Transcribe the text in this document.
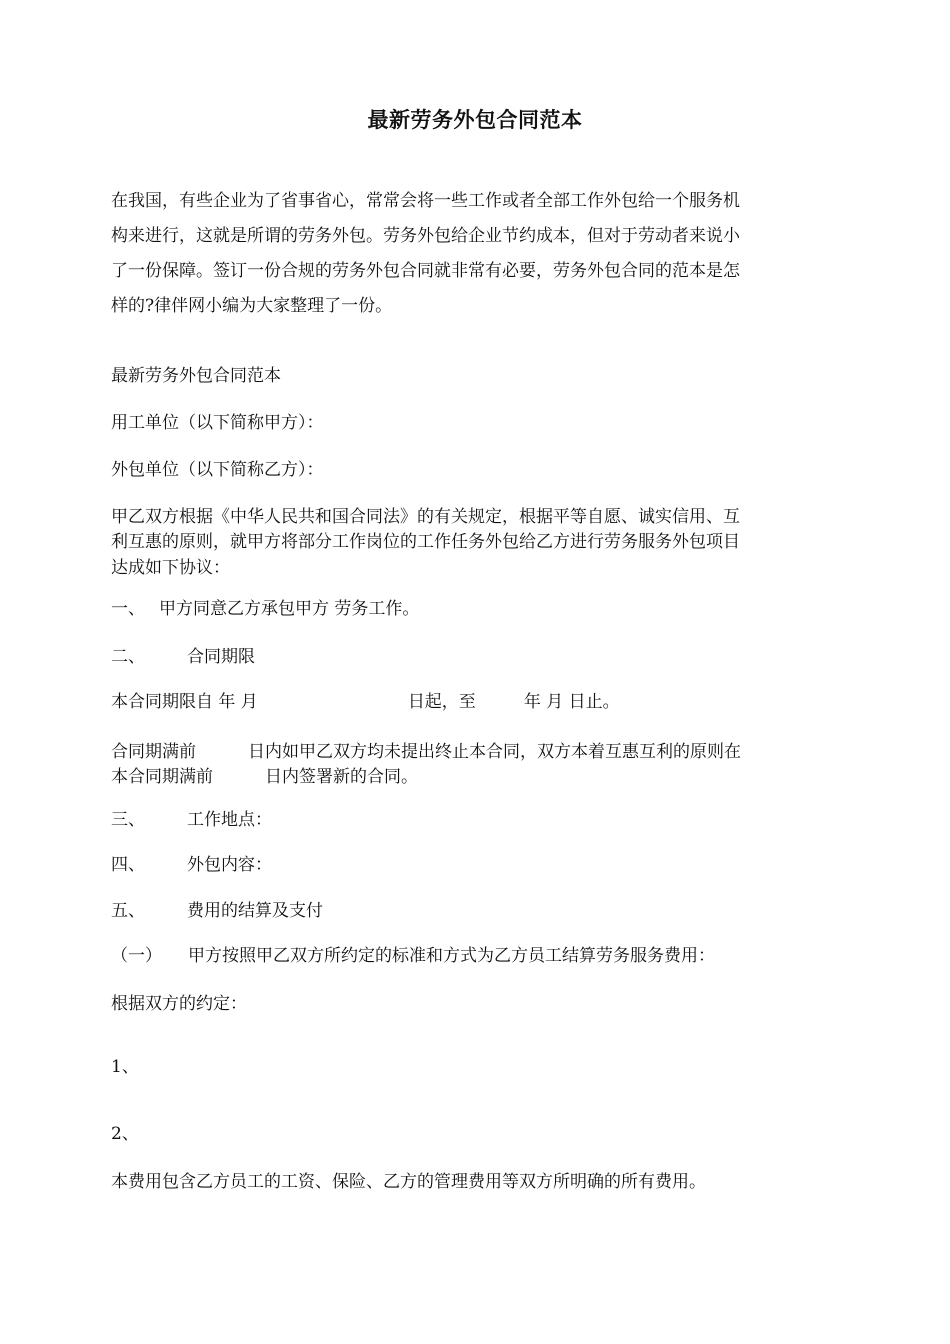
最新劳务外包合同范本
在我国，有些企业为了省事省心，常常会将一些工作或者全部工作外包给一个服务机
构来进行，这就是所谓的劳务外包。劳务外包给企业节约成本，但对于劳动者来说小
了一份保障。签订一份合规的劳务外包合同就非常有必要，劳务外包合同的范本是怎
样的?律伴网小编为大家整理了一份。
最新劳务外包合同范本
用工单位（以下简称甲方）：
外包单位（以下简称乙方）：
甲乙双方根据《中华人民共和国合同法》的有关规定，根据平等自愿、诚实信用、互
利互惠的原则，就甲方将部分工作岗位的工作任务外包给乙方进行劳务服务外包项目
达成如下协议：
一、 甲方同意乙方承包甲方 劳务工作。
二、 合同期限
本合同期限自 年 月	日起，至	年 月 日止。
合同期满前	日内如甲乙双方均未提出终止本合同，双方本着互惠互利的原则在
本合同期满前	日内签署新的合同。
三、 工作地点：
四、 外包内容：
五、 费用的结算及支付
（一） 甲方按照甲乙双方所约定的标准和方式为乙方员工结算劳务服务费用：
根据双方的约定：
1、
2、
本费用包含乙方员工的工资、保险、乙方的管理费用等双方所明确的所有费用。
